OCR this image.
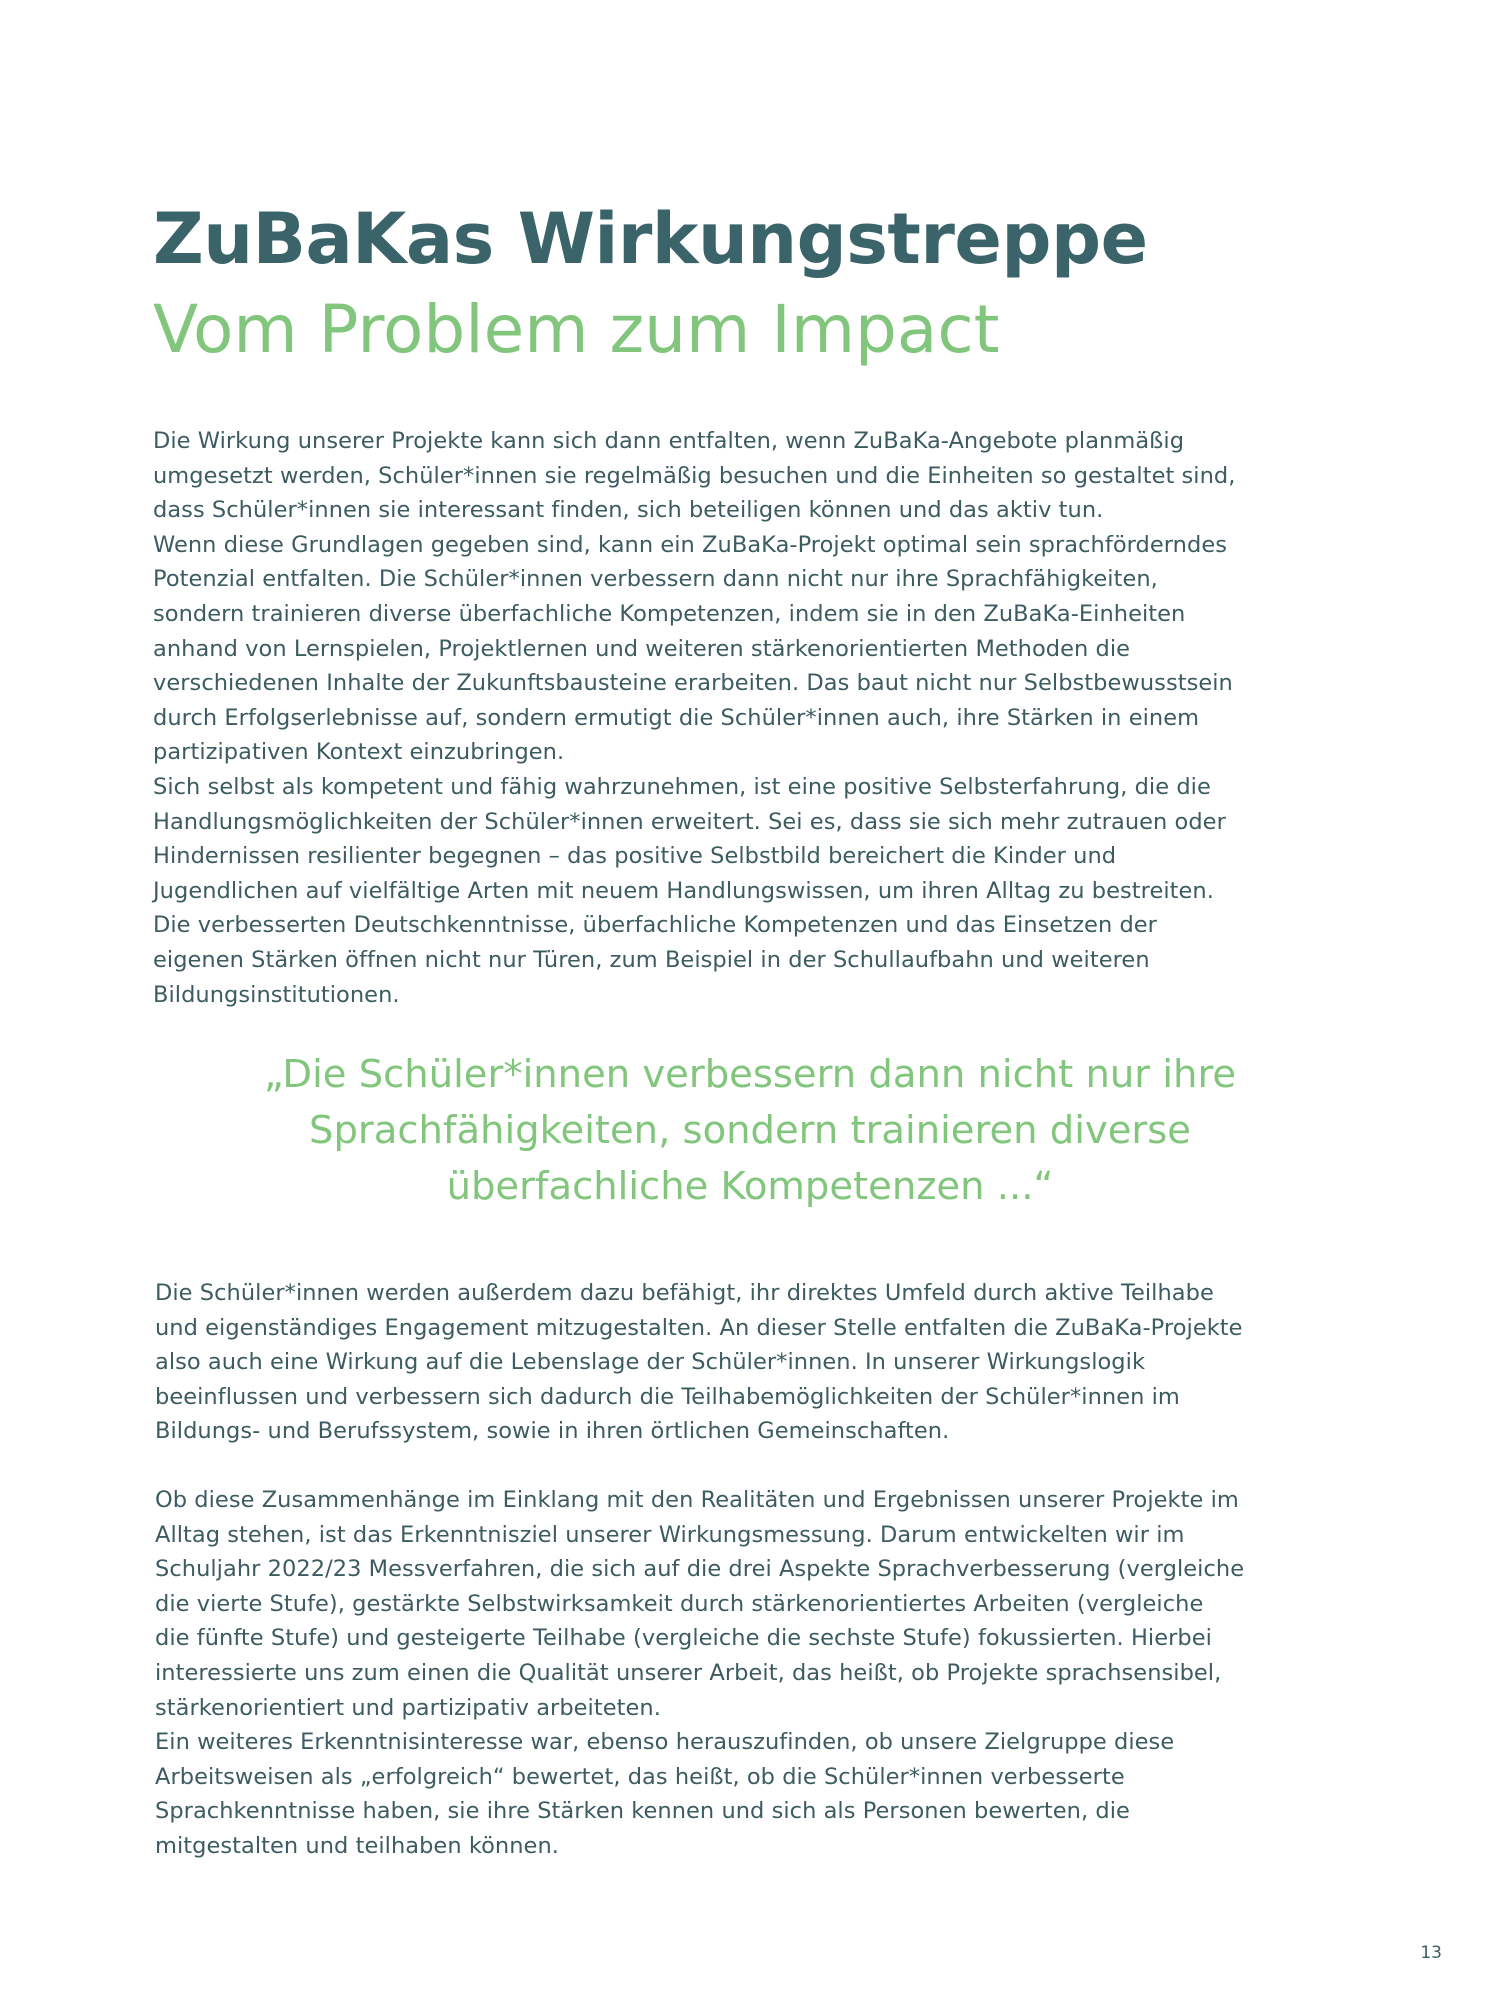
ZuBaKas Wirkungstreppe
Vom Problem zum Impact

Die Wirkung unserer Projekte kann sich dann entfalten, wenn ZuBaKa-Angebote planmäßig
umgesetzt werden, Schüler*innen sie regelmäßig besuchen und die Einheiten so gestaltet sind,
dass Schüler*innen sie interessant finden, sich beteiligen können und das aktiv tun.

Wenn diese Grundlagen gegeben sind, kann ein ZuBaKa-Projekt optimal sein sprachförderndes
Potenzial entfalten. Die Schüler*innen verbessern dann nicht nur ihre Sprachfähigkeiten,
sondern trainieren diverse überfachliche Kompetenzen, indem sie in den ZuBaKa-Einheiten
anhand von Lernspielen, Projektlernen und weiteren stärkenorientierten Methoden die
verschiedenen Inhalte der Zukunftsbausteine erarbeiten. Das baut nicht nur Selbstbewusstsein
durch Erfolgserlebnisse auf, sondern ermutigt die Schüler*innen auch, ihre Stärken in einem
partizipativen Kontext einzubringen.

Sich selbst als kompetent und fähig wahrzunehmen, ist eine positive Selbsterfahrung, die die
Handlungsmöglichkeiten der Schüler*innen erweitert. Sei es, dass sie sich mehr zutrauen oder
Hindernissen resilienter begegnen – das positive Selbstbild bereichert die Kinder und
Jugendlichen auf vielfältige Arten mit neuem Handlungswissen, um ihren Alltag zu bestreiten.

Die verbesserten Deutschkenntnisse, überfachliche Kompetenzen und das Einsetzen der
eigenen Stärken öffnen nicht nur Türen, zum Beispiel in der Schullaufbahn und weiteren
Bildungsinstitutionen.

„Die Schüler*innen verbessern dann nicht nur ihre
Sprachfähigkeiten, sondern trainieren diverse
überfachliche Kompetenzen ...“

Die Schüler*innen werden außerdem dazu befähigt, ihr direktes Umfeld durch aktive Teilhabe
und eigenständiges Engagement mitzugestalten. An dieser Stelle entfalten die ZuBaKa-Projekte
also auch eine Wirkung auf die Lebenslage der Schüler*innen. In unserer Wirkungslogik
beeinflussen und verbessern sich dadurch die Teilhabemöglichkeiten der Schüler*innen im
Bildungs- und Berufssystem, sowie in ihren örtlichen Gemeinschaften.

Ob diese Zusammenhänge im Einklang mit den Realitäten und Ergebnissen unserer Projekte im
Alltag stehen, ist das Erkenntnisziel unserer Wirkungsmessung. Darum entwickelten wir im
Schuljahr 2022/23 Messverfahren, die sich auf die drei Aspekte Sprachverbesserung (vergleiche
die vierte Stufe), gestärkte Selbstwirksamkeit durch stärkenorientiertes Arbeiten (vergleiche
die fünfte Stufe) und gesteigerte Teilhabe (vergleiche die sechste Stufe) fokussierten. Hierbei
interessierte uns zum einen die Qualität unserer Arbeit, das heißt, ob Projekte sprachsensibel,
stärkenorientiert und partizipativ arbeiteten.

Ein weiteres Erkenntnisinteresse war, ebenso herauszufinden, ob unsere Zielgruppe diese
Arbeitsweisen als „erfolgreich“ bewertet, das heißt, ob die Schüler*innen verbesserte
Sprachkenntnisse haben, sie ihre Stärken kennen und sich als Personen bewerten, die
mitgestalten und teilhaben können.

13
